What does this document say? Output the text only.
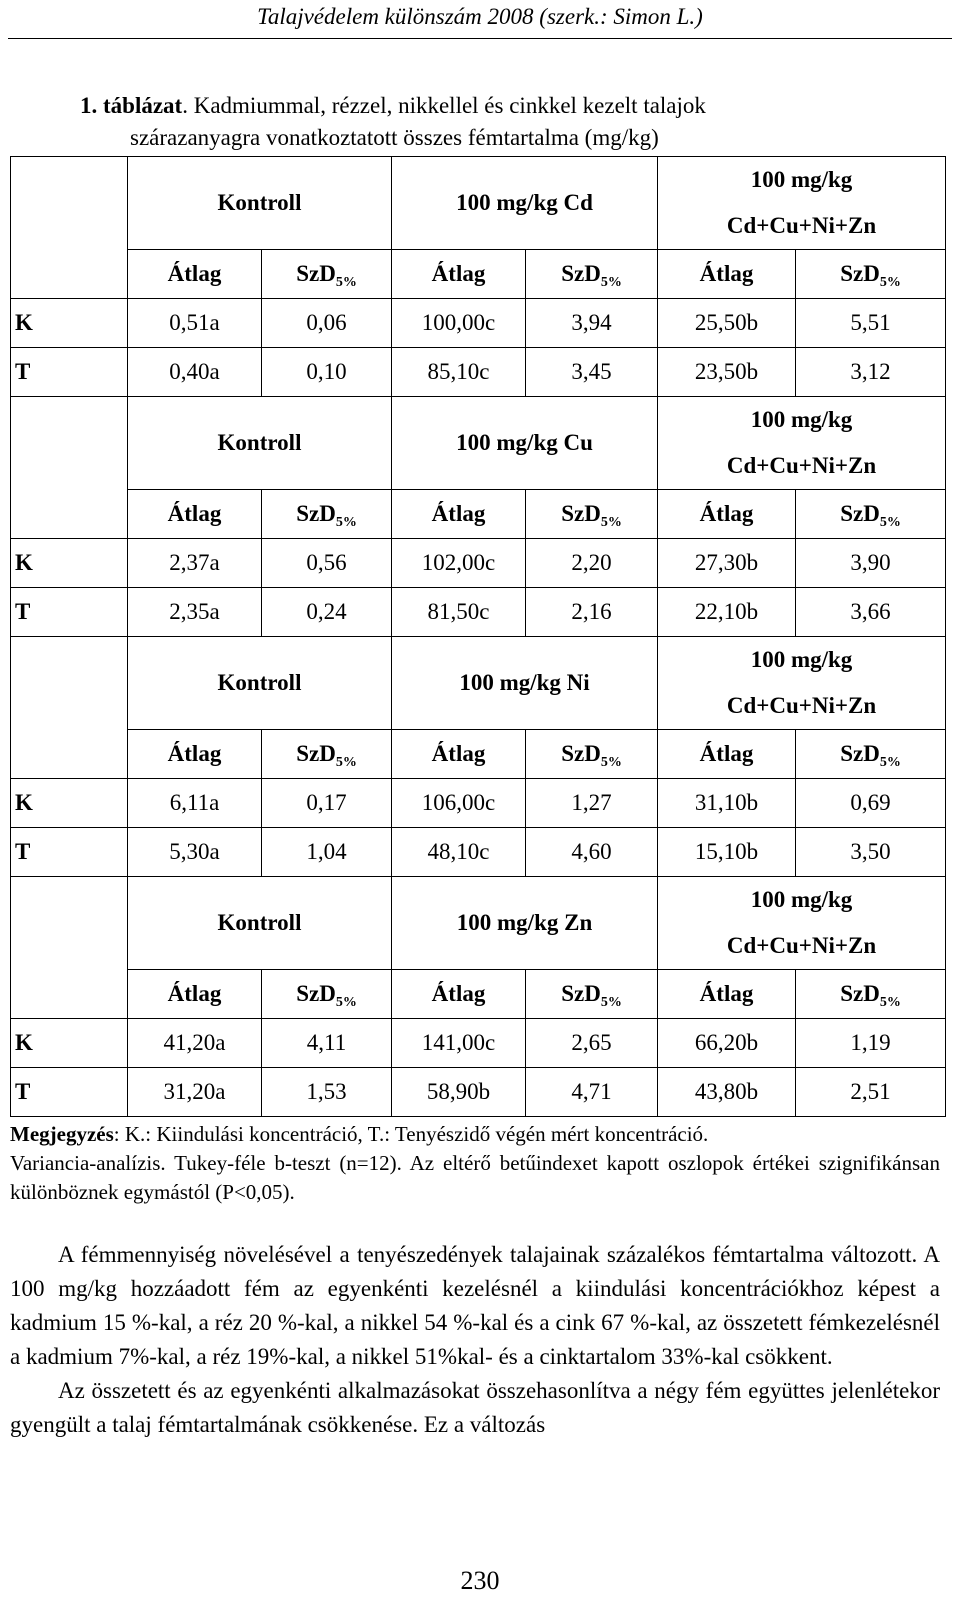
Talajvédelem különszám 2008 (szerk.: Simon L.)
1. táblázat. Kadmiummal, rézzel, nikkellel és cinkkel kezelt talajok
szárazanyagra vonatkoztatott összes fémtartalma (mg/kg)
	Kontroll		100 mg/kg Cd		100 mg/kg
Cd+Cu+Ni+Zn	
	Átlag	SzD$_{5\%}$	Átlag	SzD$_{5\%}$	Átlag	SzD$_{5\%}$
K	0,51a	0,06	100,00c	3,94	25,50b	5,51
T	0,40a	0,10	85,10c	3,45	23,50b	3,12
	Kontroll		100 mg/kg Cu		100 mg/kg
Cd+Cu+Ni+Zn	
	Átlag	SzD$_{5\%}$	Átlag	SzD$_{5\%}$	Átlag	SzD$_{5\%}$
K	2,37a	0,56	102,00c	2,20	27,30b	3,90
T	2,35a	0,24	81,50c	2,16	22,10b	3,66
	Kontroll		100 mg/kg Ni		100 mg/kg
Cd+Cu+Ni+Zn	
	Átlag	SzD$_{5\%}$	Átlag	SzD$_{5\%}$	Átlag	SzD$_{5\%}$
K	6,11a	0,17	106,00c	1,27	31,10b	0,69
T	5,30a	1,04	48,10c	4,60	15,10b	3,50
	Kontroll		100 mg/kg Zn		100 mg/kg
Cd+Cu+Ni+Zn	
	Átlag	SzD$_{5\%}$	Átlag	SzD$_{5\%}$	Átlag	SzD$_{5\%}$
K	41,20a	4,11	141,00c	2,65	66,20b	1,19
T	31,20a	1,53	58,90b	4,71	43,80b	2,51
Megjegyzés: K.: Kiindulási koncentráció, T.: Tenyészidő végén mért koncentráció.
Variancia-analízis. Tukey-féle b-teszt (n=12). Az eltérő betűindexet kapott oszlopok értékei szignifikánsan különböznek egymástól (P<0,05).

A fémmennyiség növelésével a tenyészedények talajainak százalékos fémtartalma változott. A 100 mg/kg hozzáadott fém az egyenkénti kezelésnél a kiindulási koncentrációkhoz képest a kadmium 15 %-kal, a réz 20 %-kal, a nikkel 54 %-kal és a cink 67 %-kal, az összetett fémkezelésnél a kadmium 7%-kal, a réz 19%-kal, a nikkel 51%kal- és a cinktartalom 33%-kal csökkent.

Az összetett és az egyenkénti alkalmazásokat összehasonlítva a négy fém együttes jelenlétekor gyengült a talaj fémtartalmának csökkenése. Ez a változás

230
